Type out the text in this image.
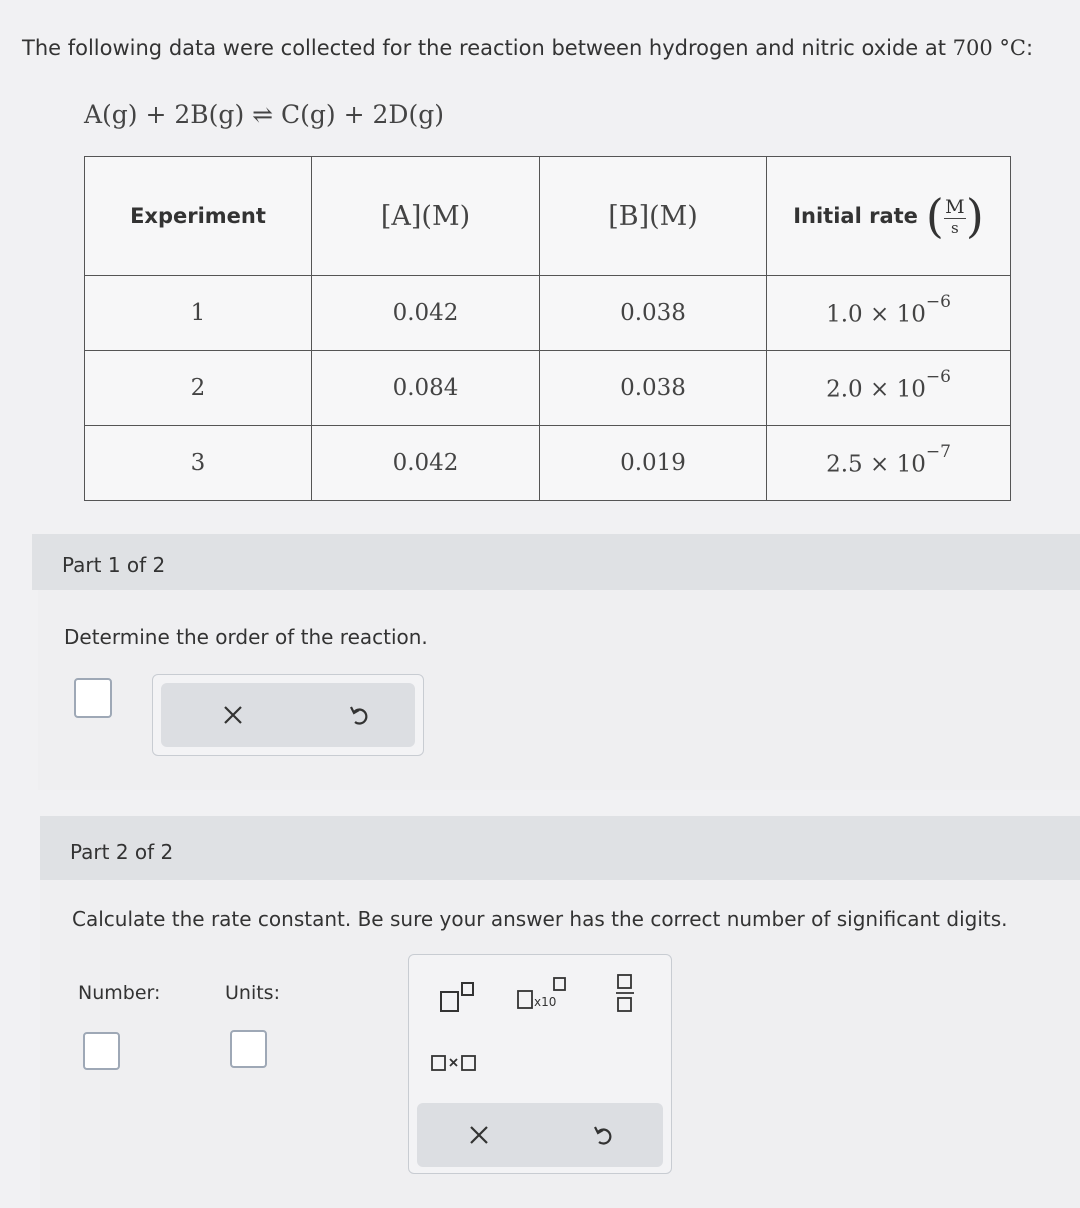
The following data were collected for the reaction between hydrogen and nitric oxide at 700 °C:
A(g) + 2B(g) ⇌ C(g) + 2D(g)
Experiment	[A](M)	[B](M)	Initial rate ( M
s )

1	0.042	0.038	$1.0 \times 10^{-6}$
2	0.084	0.038	$2.0 \times 10^{-6}$
3	0.042	0.019	$2.5 \times 10^{-7}$
Part 1 of 2
Determine the order of the reaction.
Part 2 of 2
Calculate the rate constant. Be sure your answer has the correct number of significant digits.
Number:	Units:	x10
